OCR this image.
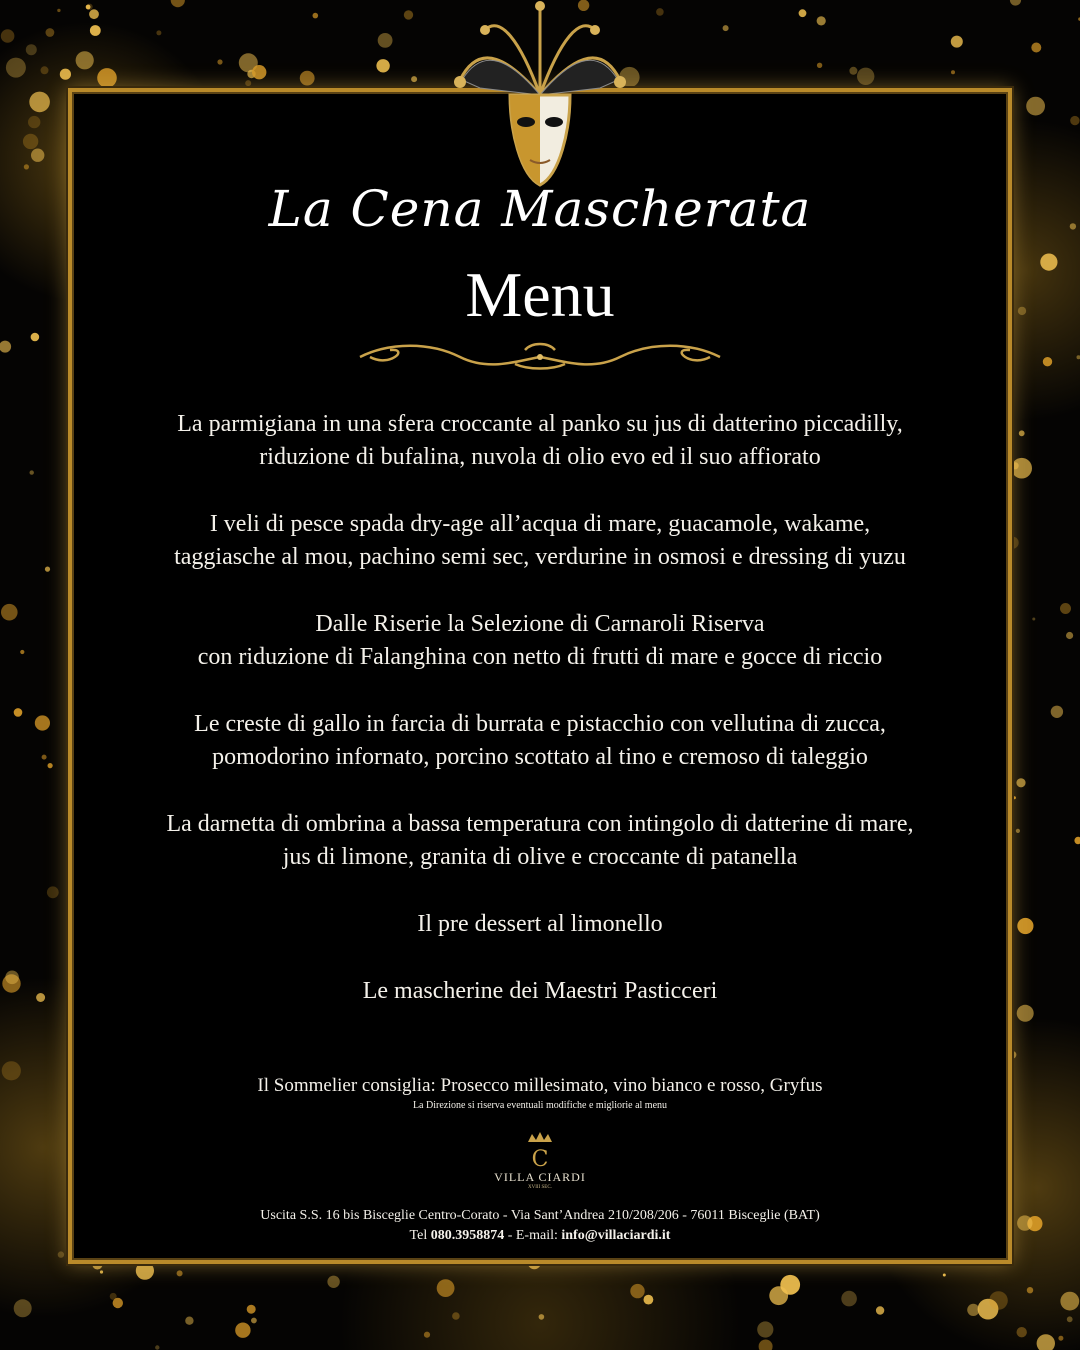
La Cena Mascherata
Menu
La parmigiana in una sfera croccante al panko su jus di datterino piccadilly,
riduzione di bufalina, nuvola di olio evo ed il suo affiorato
I veli di pesce spada dry-age all’acqua di mare, guacamole, wakame,
taggiasche al mou, pachino semi sec, verdurine in osmosi e dressing di yuzu
Dalle Riserie la Selezione di Carnaroli Riserva
con riduzione di Falanghina con netto di frutti di mare e gocce di riccio
Le creste di gallo in farcia di burrata e pistacchio con vellutina di zucca,
pomodorino infornato, porcino scottato al tino e cremoso di taleggio
La darnetta di ombrina a bassa temperatura con intingolo di datterine di mare,
jus di limone, granita di olive e croccante di patanella
Il pre dessert al limonello
Le mascherine dei Maestri Pasticceri
Il Sommelier consiglia: Prosecco millesimato, vino bianco e rosso, Gryfus
La Direzione si riserva eventuali modifiche e migliorie al menu
C
VILLA CIARDI
XVIII SEC.
Uscita S.S. 16 bis Bisceglie Centro-Corato - Via Sant’Andrea 210/208/206 - 76011 Bisceglie (BAT)
Tel 080.3958874 - E-mail: info@villaciardi.it
